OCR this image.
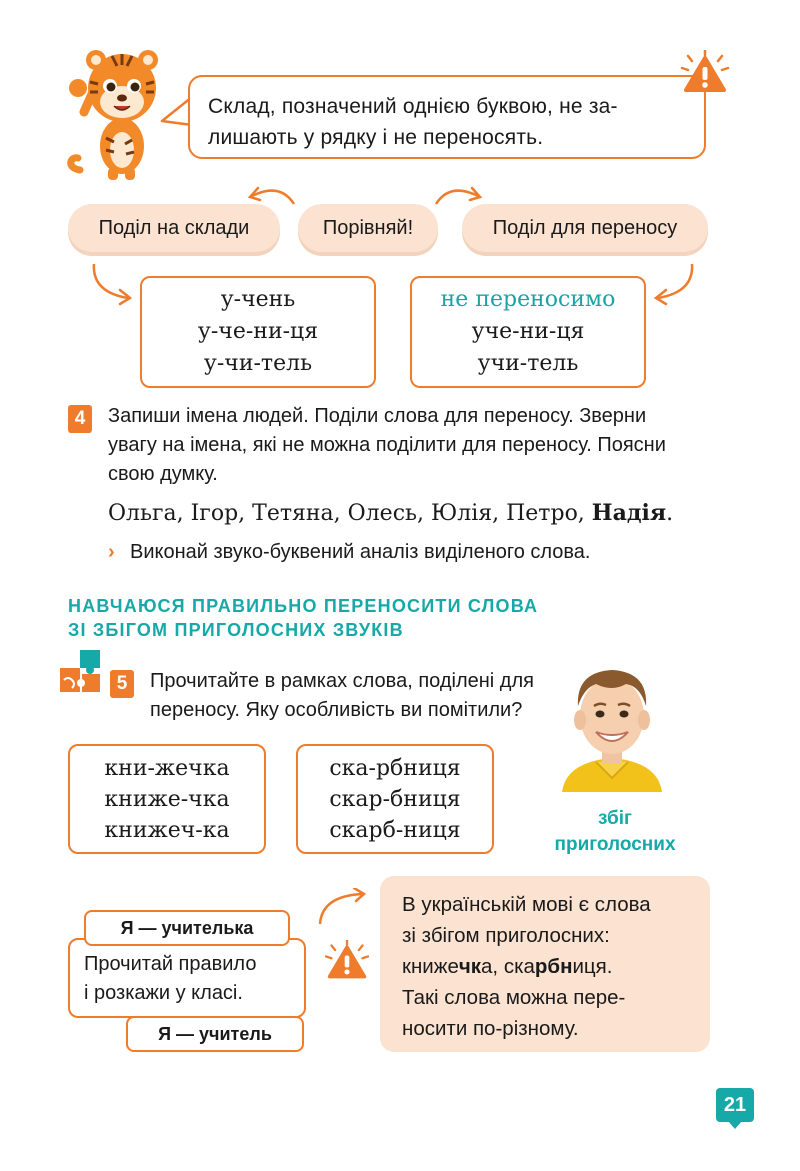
Склад, позначений однією буквою, не за-
лишають у рядку і не переносять.
Поділ на склади	Порівняй!	Поділ для переносу
у-чень
у-че-ни-ця
у-чи-тель
не переносимо
уче-ни-ця
учи-тель
4	Запиши імена людей. Поділи слова для переносу. Зверни
увагу на імена, які не можна поділити для переносу. Поясни
свою думку.
Ольга, Ігор, Тетяна, Олесь, Юлія, Петро, Надія.
› Виконай звуко-буквений аналіз виділеного слова.
НАВЧАЮСЯ ПРАВИЛЬНО ПЕРЕНОСИТИ СЛОВА
ЗІ ЗБІГОМ ПРИГОЛОСНИХ ЗВУКІВ
5	Прочитайте в рамках слова, поділені для
переносу. Яку особливість ви помітили?
збіг
приголосних
кни-жечка
книже-чка
книжеч-ка
ска-рбниця
скар-бниця
скарб-ниця
Прочитай правило
і розкажи у класі.
Я — учителька
Я — учитель
В українській мові є слова
зі збігом приголосних:
книжечка, скарбниця.
Такі слова можна пере-
носити по-різному.
21
